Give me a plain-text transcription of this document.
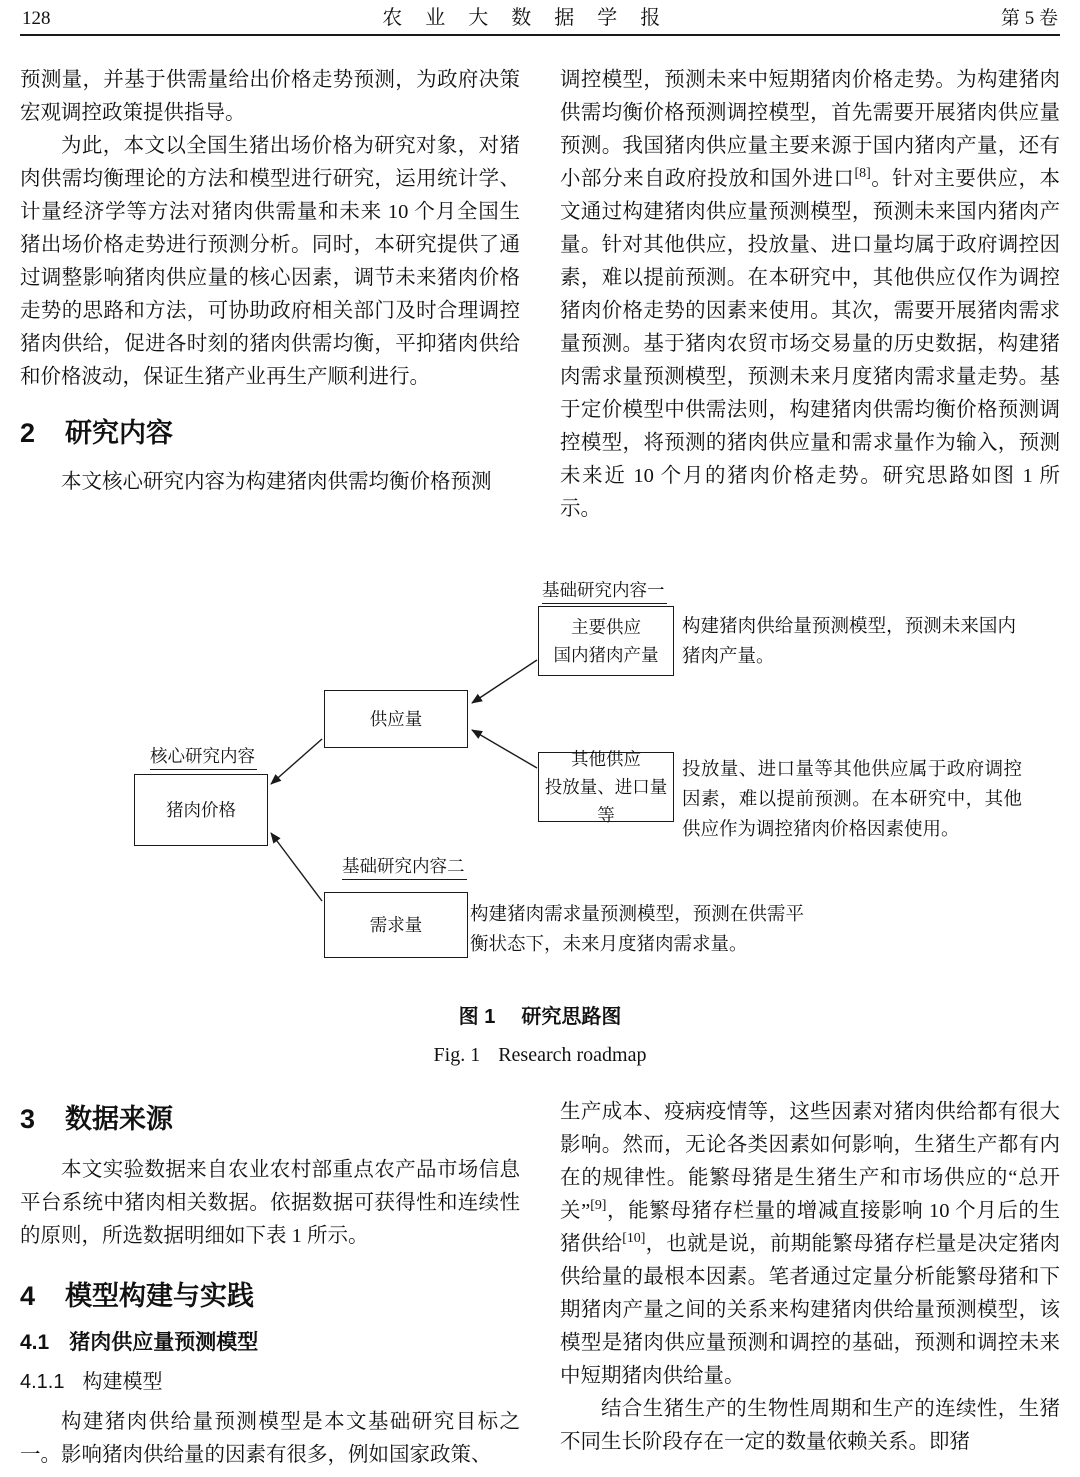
128	农 业 大 数 据 学 报	第 5 卷

预测量，并基于供需量给出价格走势预测，为政府决策宏观调控政策提供指导。

为此，本文以全国生猪出场价格为研究对象，对猪肉供需均衡理论的方法和模型进行研究，运用统计学、计量经济学等方法对猪肉供需量和未来 10 个月全国生猪出场价格走势进行预测分析。同时，本研究提供了通过调整影响猪肉供应量的核心因素，调节未来猪肉价格走势的思路和方法，可协助政府相关部门及时合理调控猪肉供给，促进各时刻的猪肉供需均衡，平抑猪肉供给和价格波动，保证生猪产业再生产顺利进行。

2 研究内容

本文核心研究内容为构建猪肉供需均衡价格预测

调控模型，预测未来中短期猪肉价格走势。为构建猪肉供需均衡价格预测调控模型，首先需要开展猪肉供应量预测。我国猪肉供应量主要来源于国内猪肉产量，还有小部分来自政府投放和国外进口[8]。针对主要供应，本文通过构建猪肉供应量预测模型，预测未来国内猪肉产量。针对其他供应，投放量、进口量均属于政府调控因素，难以提前预测。在本研究中，其他供应仅作为调控猪肉价格走势的因素来使用。其次，需要开展猪肉需求量预测。基于猪肉农贸市场交易量的历史数据，构建猪肉需求量预测模型，预测未来月度猪肉需求量走势。基于定价模型中供需法则，构建猪肉供需均衡价格预测调控模型，将预测的猪肉供应量和需求量作为输入，预测未来近 10 个月的猪肉价格走势。研究思路如图 1 所示。

基础研究内容一
主要供应
国内猪肉产量
构建猪肉供给量预测模型，预测未来国内猪肉产量。
供应量
核心研究内容
猪肉价格
其他供应
投放量、进口量等
投放量、进口量等其他供应属于政府调控因素，难以提前预测。在本研究中，其他供应作为调控猪肉价格因素使用。
基础研究内容二
需求量	构建猪肉需求量预测模型，预测在供需平衡状态下，未来月度猪肉需求量。
图 1 研究思路图
Fig. 1 Research roadmap
3 数据来源

本文实验数据来自农业农村部重点农产品市场信息平台系统中猪肉相关数据。依据数据可获得性和连续性的原则，所选数据明细如下表 1 所示。

4 模型构建与实践
4.1 猪肉供应量预测模型
4.1.1 构建模型

构建猪肉供给量预测模型是本文基础研究目标之一。影响猪肉供给量的因素有很多，例如国家政策、

生产成本、疫病疫情等，这些因素对猪肉供给都有很大影响。然而，无论各类因素如何影响，生猪生产都有内在的规律性。能繁母猪是生猪生产和市场供应的“总开关”[9]，能繁母猪存栏量的增减直接影响 10 个月后的生猪供给[10]，也就是说，前期能繁母猪存栏量是决定猪肉供给量的最根本因素。笔者通过定量分析能繁母猪和下期猪肉产量之间的关系来构建猪肉供给量预测模型，该模型是猪肉供应量预测和调控的基础，预测和调控未来中短期猪肉供给量。

结合生猪生产的生物性周期和生产的连续性，生猪不同生长阶段存在一定的数量依赖关系。即猪
